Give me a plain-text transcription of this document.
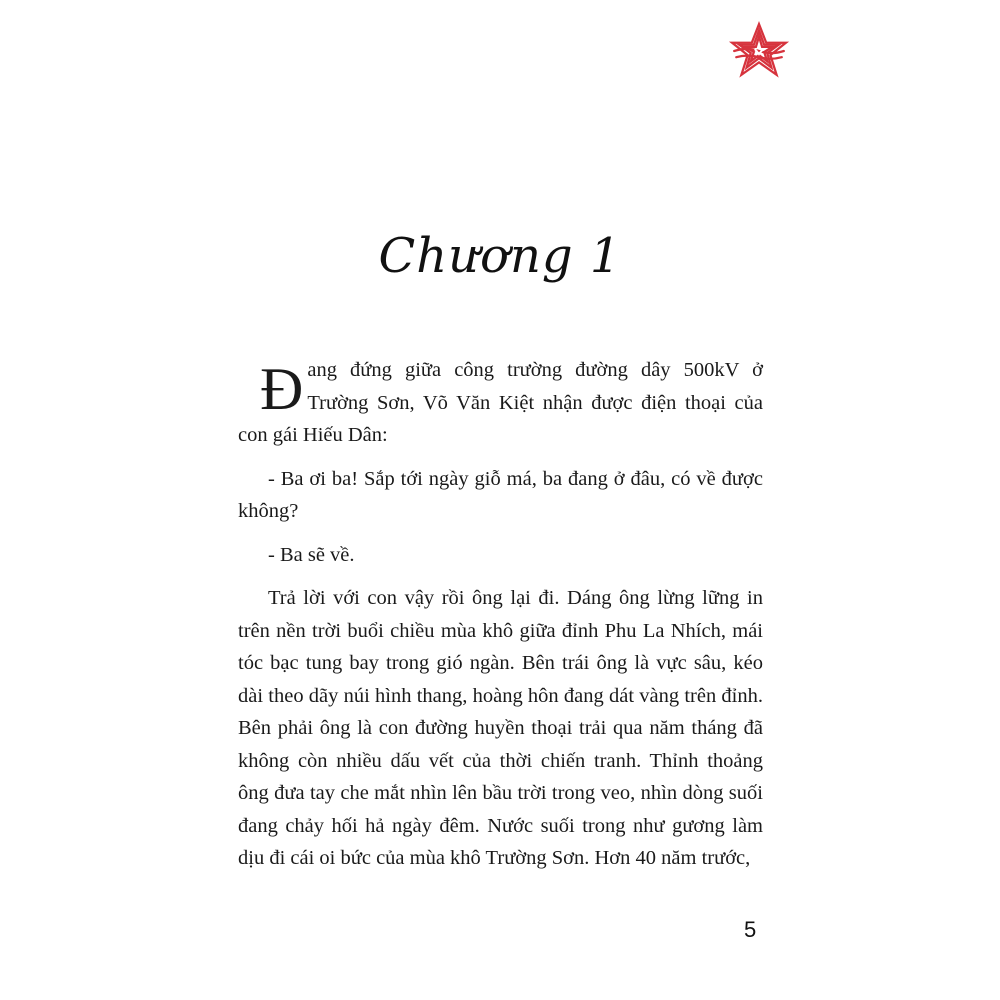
Chương 1

Đang đứng giữa công trường đường dây 500kV ở Trường Sơn, Võ Văn Kiệt nhận được điện thoại của con gái Hiếu Dân:

- Ba ơi ba! Sắp tới ngày giỗ má, ba đang ở đâu, có về được không?

- Ba sẽ về.

Trả lời với con vậy rồi ông lại đi. Dáng ông lừng lững in trên nền trời buổi chiều mùa khô giữa đỉnh Phu La Nhích, mái tóc bạc tung bay trong gió ngàn. Bên trái ông là vực sâu, kéo dài theo dãy núi hình thang, hoàng hôn đang dát vàng trên đỉnh. Bên phải ông là con đường huyền thoại trải qua năm tháng đã không còn nhiều dấu vết của thời chiến tranh. Thỉnh thoảng ông đưa tay che mắt nhìn lên bầu trời trong veo, nhìn dòng suối đang chảy hối hả ngày đêm. Nước suối trong như gương làm dịu đi cái oi bức của mùa khô Trường Sơn. Hơn 40 năm trước,

5
